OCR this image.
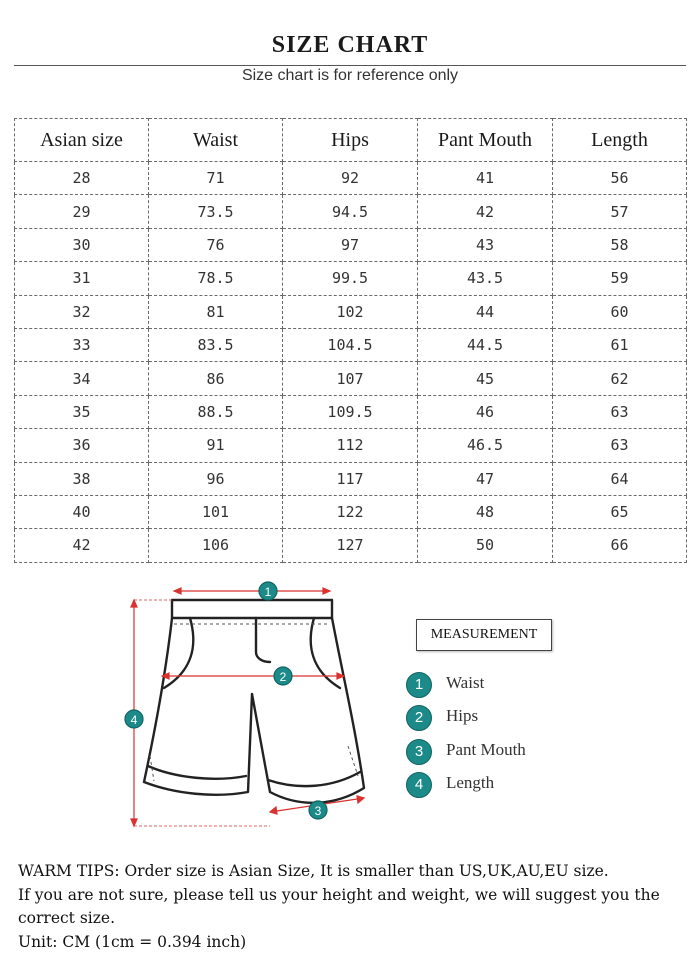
SIZE CHART
Size chart is for reference only
Asian size	Waist	Hips	Pant Mouth	Length
28	71	92	41	56
29	73.5	94.5	42	57
30	76	97	43	58
31	78.5	99.5	43.5	59
32	81	102	44	60
33	83.5	104.5	44.5	61
34	86	107	45	62
35	88.5	109.5	46	63
36	91	112	46.5	63
38	96	117	47	64
40	101	122	48	65
42	106	127	50	66
1
2
3
4
MEASUREMENT
1	Waist
2	Hips
3	Pant Mouth
4	Length

WARM TIPS: Order size is Asian Size, It is smaller than US,UK,AU,EU size.

If you are not sure, please tell us your height and weight, we will suggest you the correct size.

Unit: CM (1cm = 0.394 inch)
